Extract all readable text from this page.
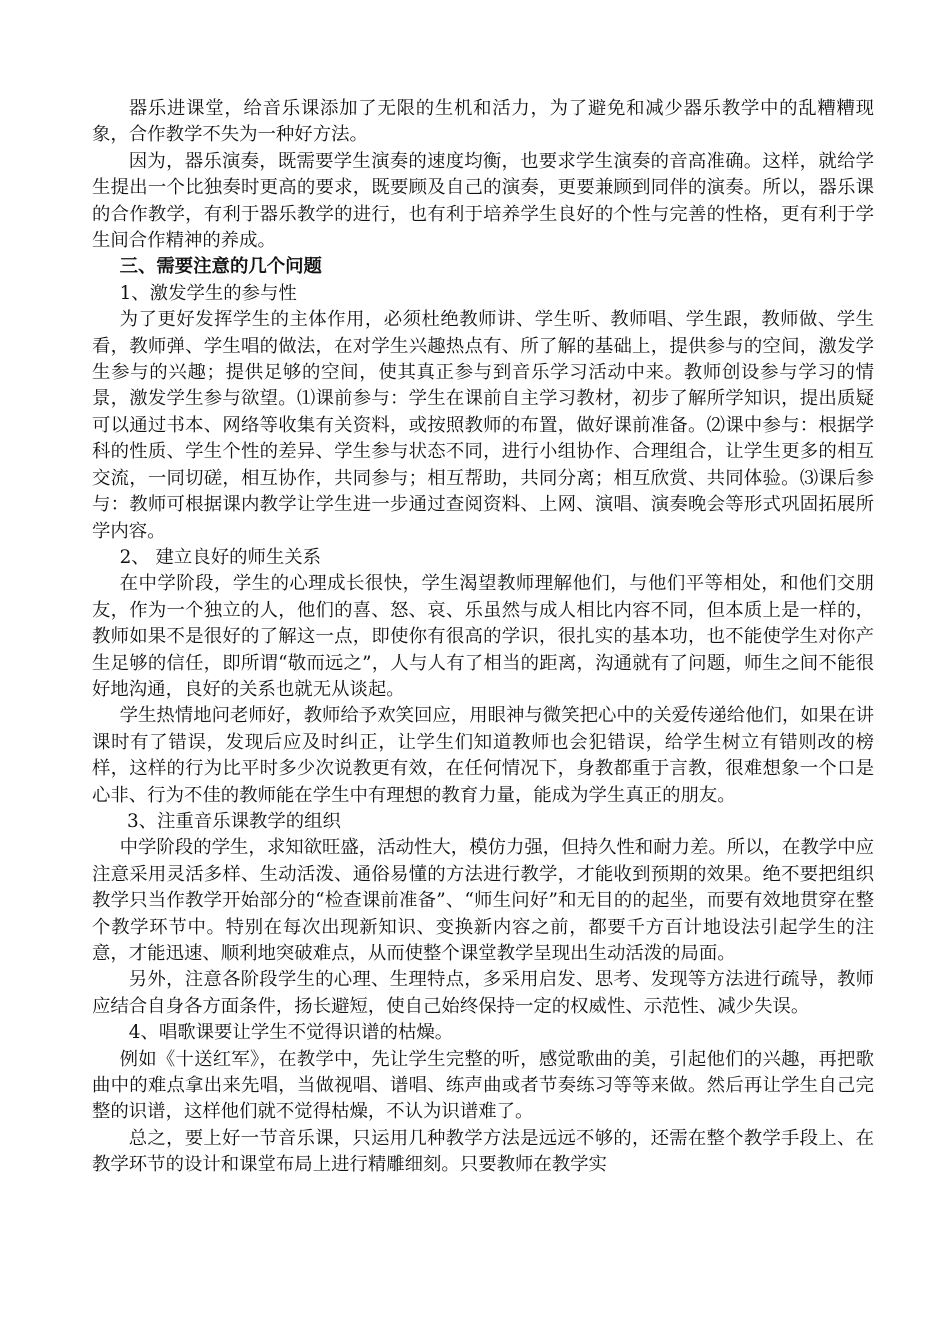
器乐进课堂，给音乐课添加了无限的生机和活力，为了避免和减少器乐教学中的乱糟糟现象，合作教学不失为一种好方法。

因为，器乐演奏，既需要学生演奏的速度均衡，也要求学生演奏的音高准确。这样，就给学生提出一个比独奏时更高的要求，既要顾及自己的演奏，更要兼顾到同伴的演奏。所以，器乐课的合作教学，有利于器乐教学的进行，也有利于培养学生良好的个性与完善的性格，更有利于学生间合作精神的养成。

三、需要注意的几个问题

1、激发学生的参与性

为了更好发挥学生的主体作用，必须杜绝教师讲、学生听、教师唱、学生跟，教师做、学生看，教师弹、学生唱的做法，在对学生兴趣热点有、所了解的基础上，提供参与的空间，激发学生参与的兴趣；提供足够的空间，使其真正参与到音乐学习活动中来。教师创设参与学习的情景，激发学生参与欲望。⑴课前参与：学生在课前自主学习教材，初步了解所学知识，提出质疑可以通过书本、网络等收集有关资料，或按照教师的布置，做好课前准备。⑵课中参与：根据学科的性质、学生个性的差异、学生参与状态不同，进行小组协作、合理组合，让学生更多的相互交流，一同切磋，相互协作，共同参与；相互帮助，共同分离；相互欣赏、共同体验。⑶课后参与：教师可根据课内教学让学生进一步通过查阅资料、上网、演唱、演奏晚会等形式巩固拓展所学内容。

2、 建立良好的师生关系

在中学阶段，学生的心理成长很快，学生渴望教师理解他们，与他们平等相处，和他们交朋友，作为一个独立的人，他们的喜、怒、哀、乐虽然与成人相比内容不同，但本质上是一样的，教师如果不是很好的了解这一点，即使你有很高的学识，很扎实的基本功，也不能使学生对你产生足够的信任，即所谓“敬而远之”，人与人有了相当的距离，沟通就有了问题，师生之间不能很好地沟通，良好的关系也就无从谈起。

学生热情地问老师好，教师给予欢笑回应，用眼神与微笑把心中的关爱传递给他们，如果在讲课时有了错误，发现后应及时纠正，让学生们知道教师也会犯错误，给学生树立有错则改的榜样，这样的行为比平时多少次说教更有效，在任何情况下，身教都重于言教，很难想象一个口是心非、行为不佳的教师能在学生中有理想的教育力量，能成为学生真正的朋友。

3、注重音乐课教学的组织

中学阶段的学生，求知欲旺盛，活动性大，模仿力强，但持久性和耐力差。所以，在教学中应注意采用灵活多样、生动活泼、通俗易懂的方法进行教学，才能收到预期的效果。绝不要把组织教学只当作教学开始部分的“检查课前准备”、“师生问好”和无目的的起坐，而要有效地贯穿在整个教学环节中。特别在每次出现新知识、变换新内容之前，都要千方百计地设法引起学生的注意，才能迅速、顺利地突破难点，从而使整个课堂教学呈现出生动活泼的局面。

另外，注意各阶段学生的心理、生理特点，多采用启发、思考、发现等方法进行疏导，教师应结合自身各方面条件，扬长避短，使自己始终保持一定的权威性、示范性、减少失误。

4、唱歌课要让学生不觉得识谱的枯燥。

例如《十送红军》，在教学中，先让学生完整的听，感觉歌曲的美，引起他们的兴趣，再把歌曲中的难点拿出来先唱，当做视唱、谱唱、练声曲或者节奏练习等等来做。然后再让学生自己完整的识谱，这样他们就不觉得枯燥，不认为识谱难了。

总之，要上好一节音乐课，只运用几种教学方法是远远不够的，还需在整个教学手段上、在教学环节的设计和课堂布局上进行精雕细刻。只要教师在教学实
